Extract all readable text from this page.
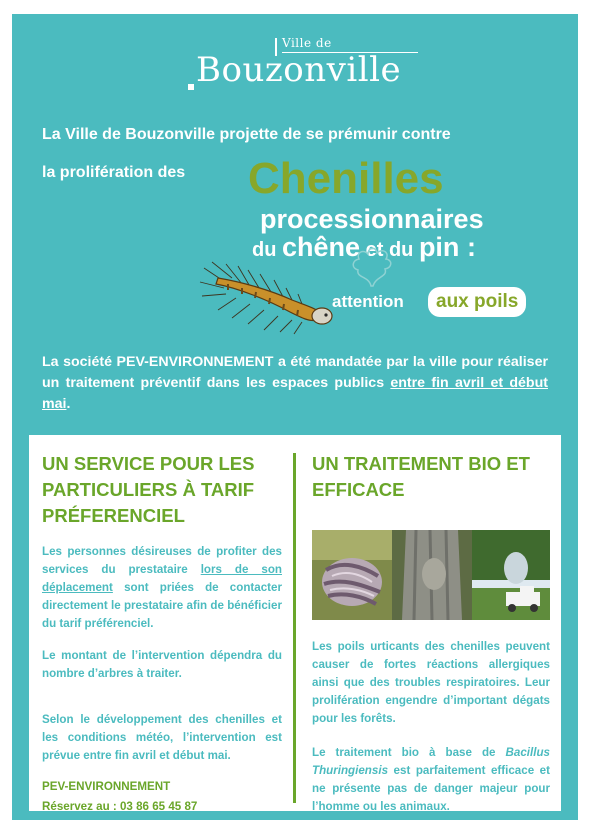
Ville de
Bouzonville
La Ville de Bouzonville projette de se prémunir contre
la prolifération des Chenilles
processionnaires
du chêne et du pin :
attention	aux poils
La société PEV-ENVIRONNEMENT a été mandatée par la ville pour réaliser un traitement préventif dans les espaces publics entre fin avril et début mai.
UN SERVICE POUR LES PARTICULIERS À TARIF PRÉFERENCIEL
Les personnes désireuses de profiter des services du prestataire lors de son déplacement sont priées de contacter directement le prestataire afin de bénéficier du tarif préférenciel.
Le montant de l’intervention dépendra du nombre d’arbres à traiter.
Selon le développement des chenilles et les conditions météo, l’intervention est prévue entre fin avril et début mai.
PEV-ENVIRONNEMENT
Réservez au : 03 86 65 45 87
UN TRAITEMENT BIO ET EFFICACE
Les poils urticants des chenilles peuvent causer de fortes réactions allergiques ainsi que des troubles respiratoires. Leur prolifération engendre d’important dégats pour les forêts.
Le traitement bio à base de Bacillus Thuringiensis est parfaitement efficace et ne présente pas de danger majeur pour l’homme ou les animaux.
